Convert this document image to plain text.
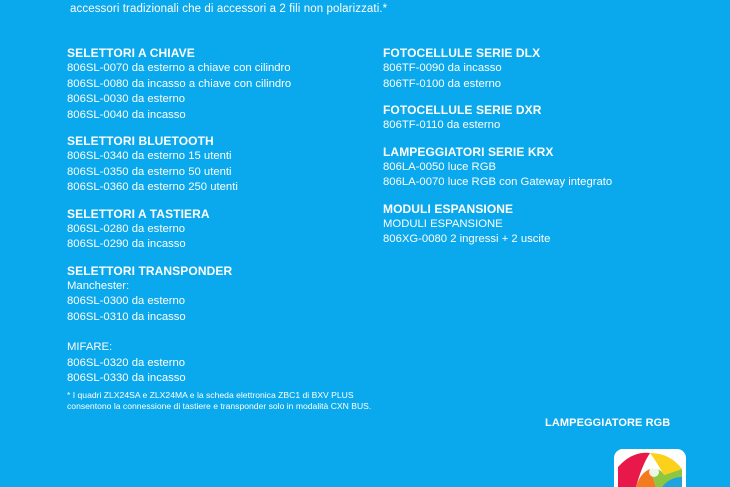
accessori tradizionali che di accessori a 2 fili non polarizzati.*
SELETTORI A CHIAVE
806SL-0070 da esterno a chiave con cilindro
806SL-0080 da incasso a chiave con cilindro
806SL-0030 da esterno
806SL-0040 da incasso
SELETTORI BLUETOOTH
806SL-0340 da esterno 15 utenti
806SL-0350 da esterno 50 utenti
806SL-0360 da esterno 250 utenti
SELETTORI A TASTIERA
806SL-0280 da esterno
806SL-0290 da incasso
SELETTORI TRANSPONDER
Manchester:
806SL-0300 da esterno
806SL-0310 da incasso
MIFARE:
806SL-0320 da esterno
806SL-0330 da incasso
FOTOCELLULE SERIE DLX
806TF-0090 da incasso
806TF-0100 da esterno
FOTOCELLULE SERIE DXR
806TF-0110 da esterno
LAMPEGGIATORI SERIE KRX
806LA-0050 luce RGB
806LA-0070 luce RGB con Gateway integrato
MODULI ESPANSIONE
MODULI ESPANSIONE
806XG-0080 2 ingressi + 2 uscite
* I quadri ZLX24SA e ZLX24MA e la scheda elettronica ZBC1 di BXV PLUS consentono la connessione di tastiere e transponder solo in modalità CXN BUS.
LAMPEGGIATORE RGB
